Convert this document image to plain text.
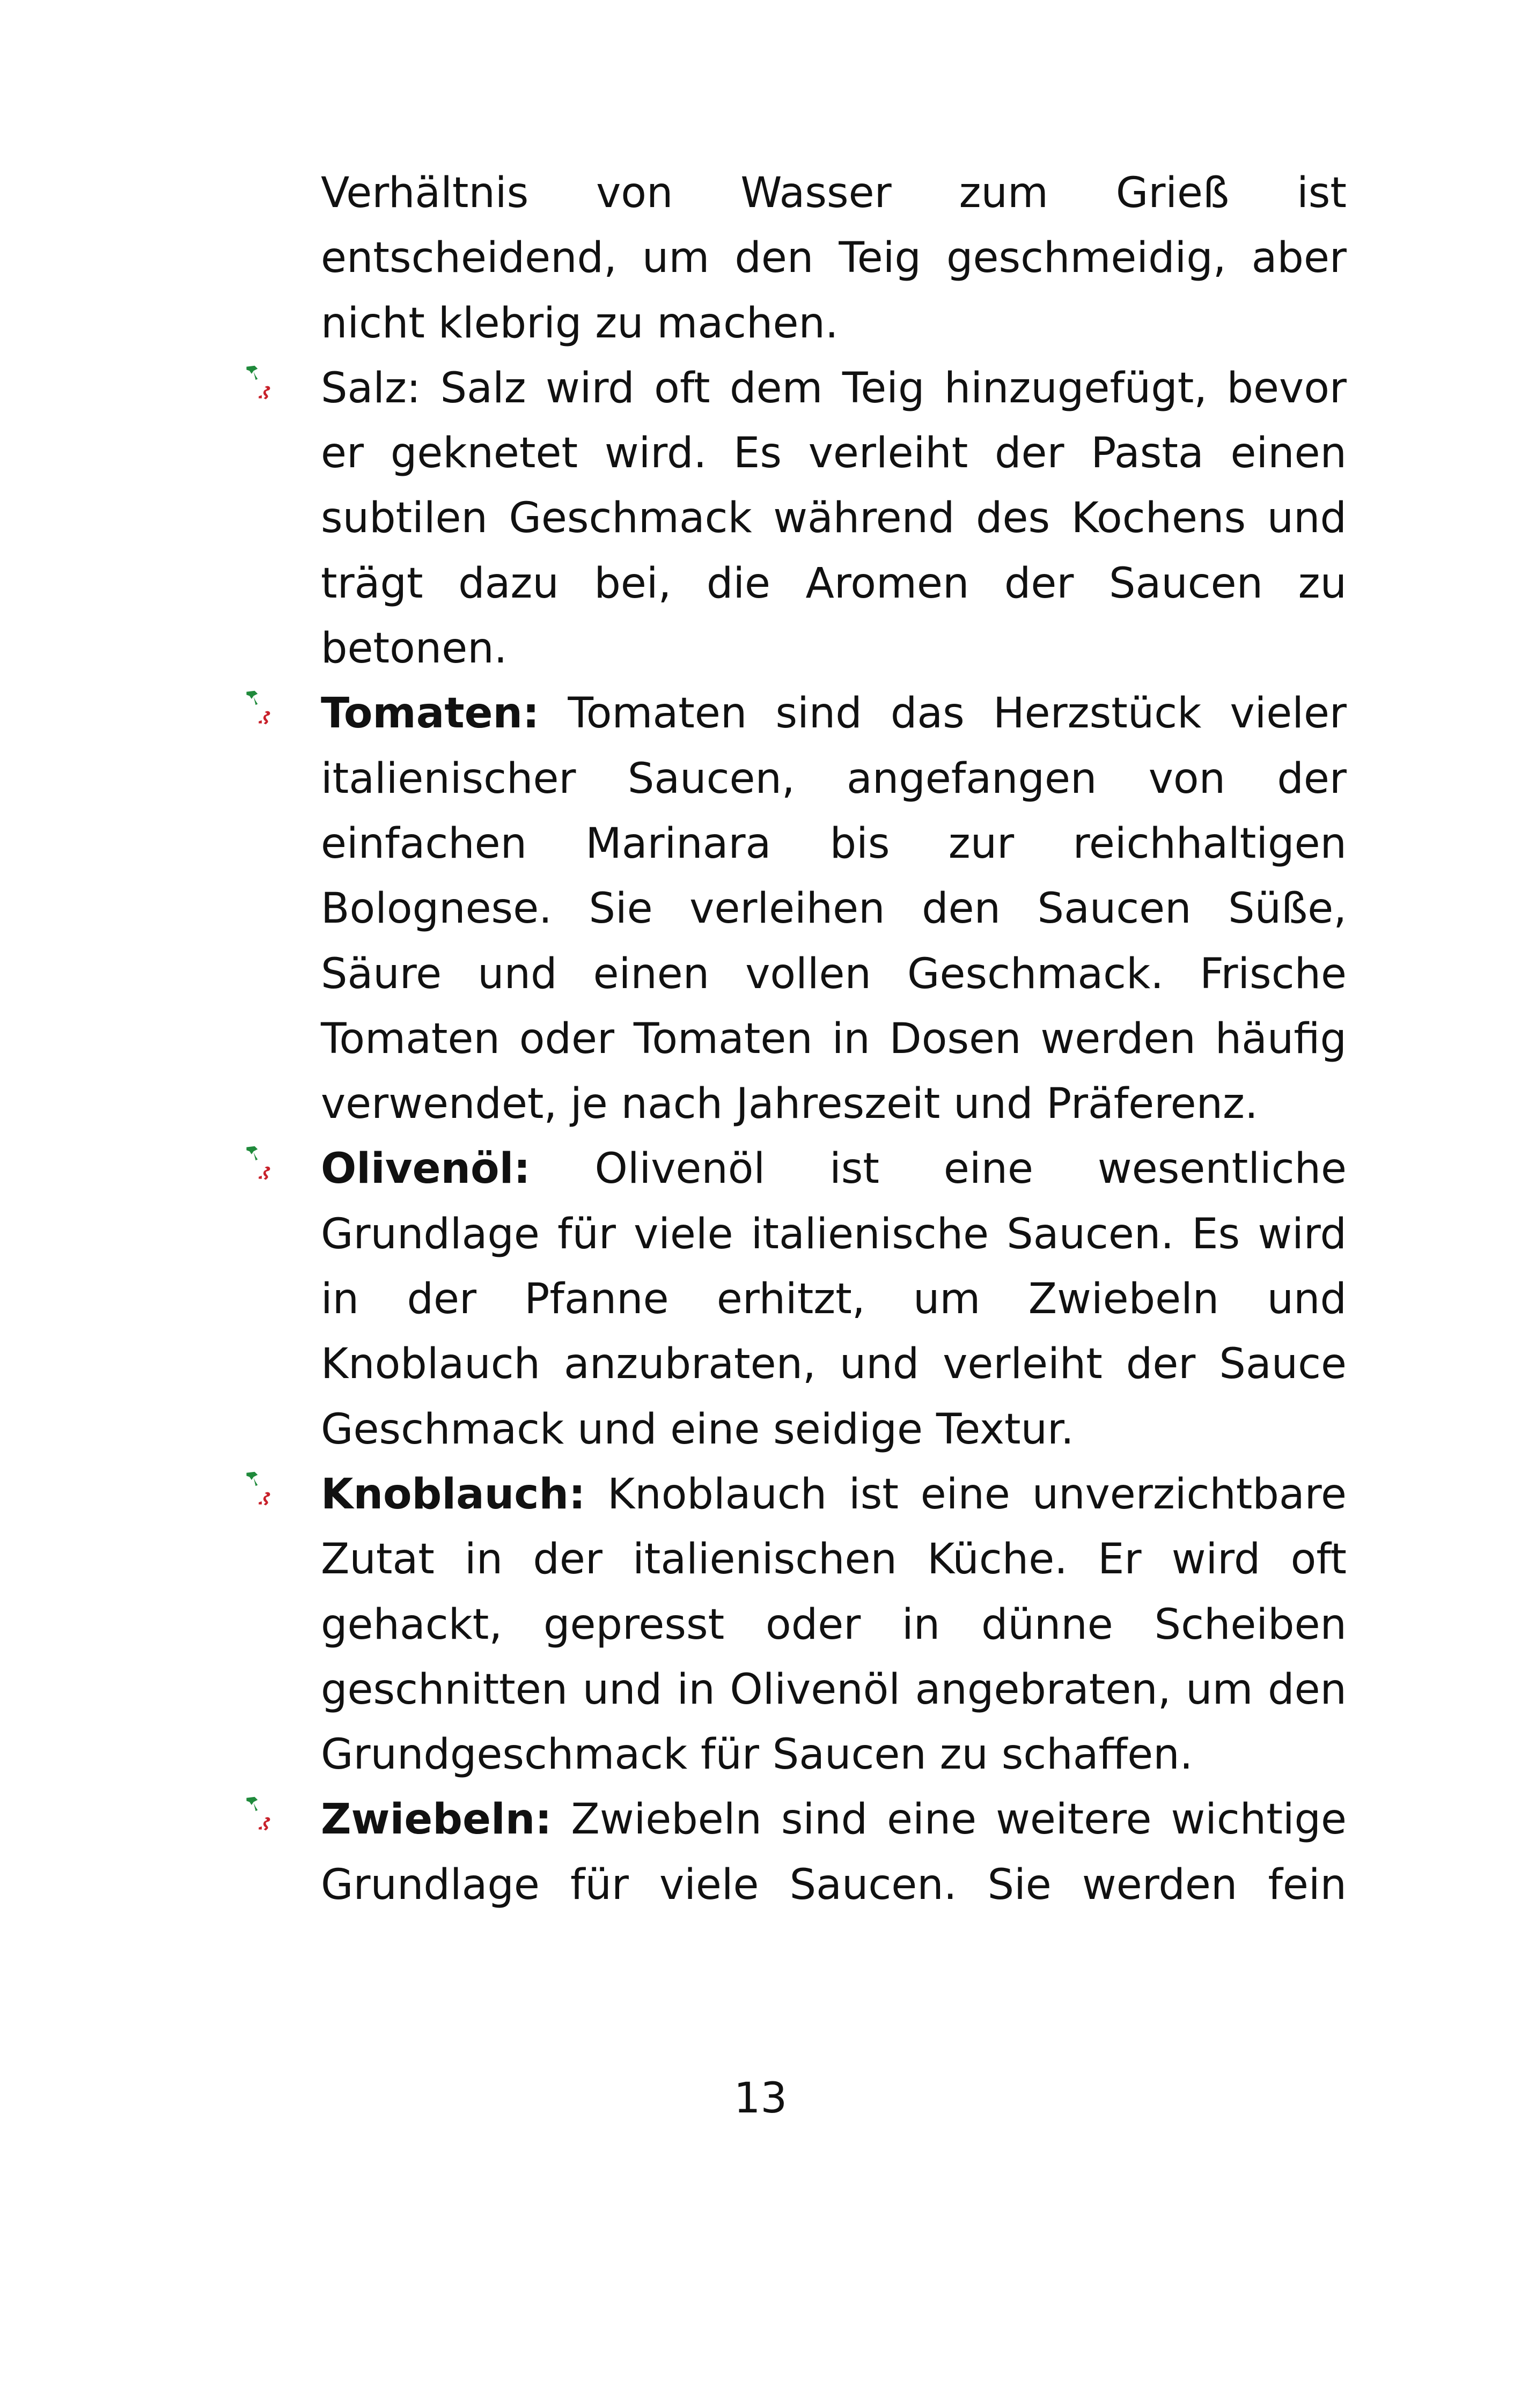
Verhältnis von Wasser zum Grieß ist entscheidend, um den Teig geschmeidig, aber nicht klebrig zu machen.

Salz: Salz wird oft dem Teig hinzugefügt, bevor er geknetet wird. Es verleiht der Pasta einen subtilen Geschmack während des Kochens und trägt dazu bei, die Aromen der Saucen zu betonen.
Tomaten: Tomaten sind das Herzstück vieler italienischer Saucen, angefangen von der einfachen Marinara bis zur reichhaltigen Bolognese. Sie verleihen den Saucen Süße, Säure und einen vollen Geschmack. Frische Tomaten oder Tomaten in Dosen werden häufig verwendet, je nach Jahreszeit und Präferenz.
Olivenöl: Olivenöl ist eine wesentliche Grundlage für viele italienische Saucen. Es wird in der Pfanne erhitzt, um Zwiebeln und Knoblauch anzubraten, und verleiht der Sauce Geschmack und eine seidige Textur.
Knoblauch: Knoblauch ist eine unverzichtbare Zutat in der italienischen Küche. Er wird oft gehackt, gepresst oder in dünne Scheiben geschnitten und in Olivenöl angebraten, um den Grundgeschmack für Saucen zu schaffen.
Zwiebeln: Zwiebeln sind eine weitere wichtige Grundlage für viele Saucen. Sie werden fein
13
